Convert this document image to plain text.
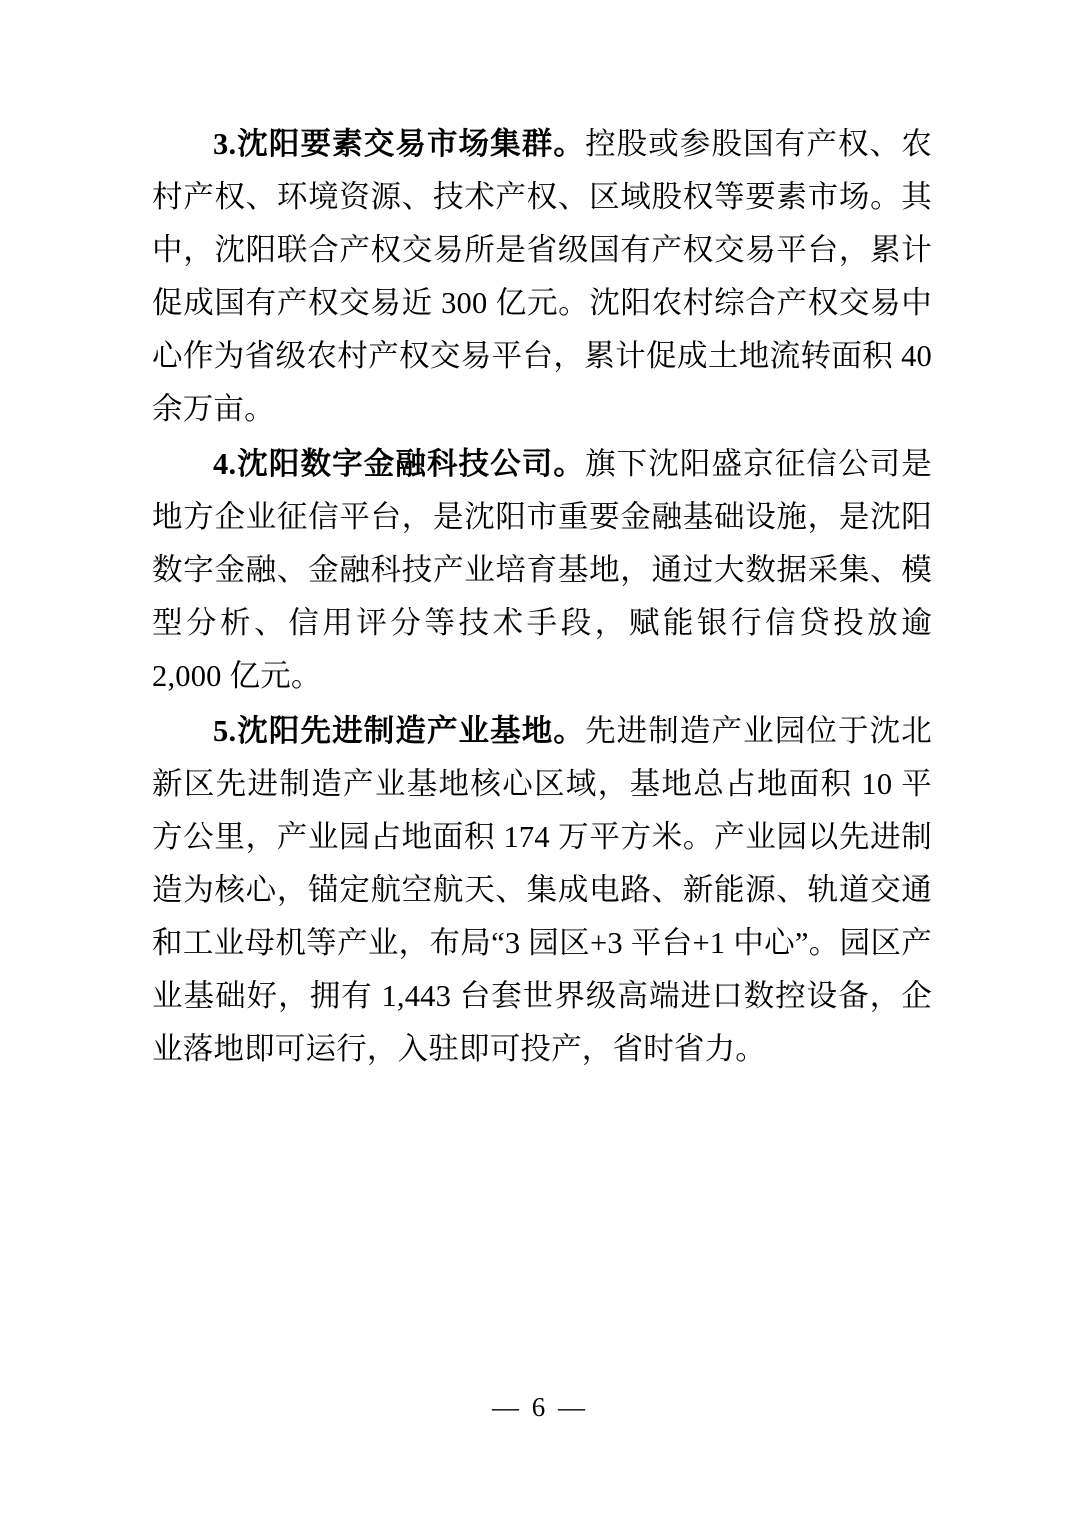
3.沈阳要素交易市场集群。控股或参股国有产权、农村产权、环境资源、技术产权、区域股权等要素市场。其中，沈阳联合产权交易所是省级国有产权交易平台，累计促成国有产权交易近 300 亿元。沈阳农村综合产权交易中心作为省级农村产权交易平台，累计促成土地流转面积 40 余万亩。

4.沈阳数字金融科技公司。旗下沈阳盛京征信公司是地方企业征信平台，是沈阳市重要金融基础设施，是沈阳数字金融、金融科技产业培育基地，通过大数据采集、模型分析、信用评分等技术手段，赋能银行信贷投放逾 2,000 亿元。

5.沈阳先进制造产业基地。先进制造产业园位于沈北新区先进制造产业基地核心区域，基地总占地面积 10 平方公里，产业园占地面积 174 万平方米。产业园以先进制造为核心，锚定航空航天、集成电路、新能源、轨道交通和工业母机等产业，布局“3 园区+3 平台+1 中心”。园区产业基础好，拥有 1,443 台套世界级高端进口数控设备，企业落地即可运行，入驻即可投产，省时省力。

— 6 —
